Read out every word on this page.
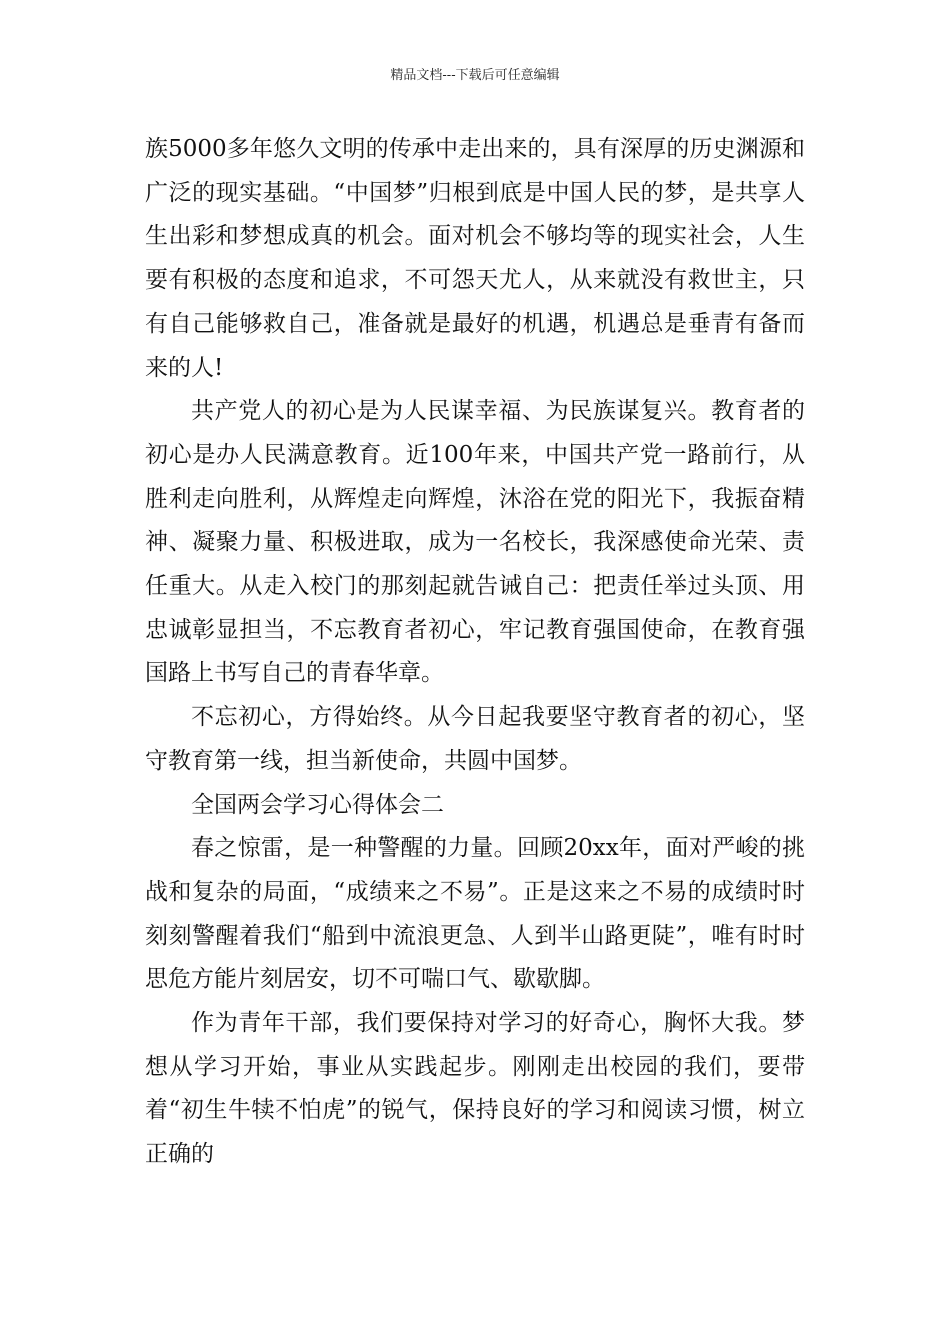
精品文档---下载后可任意编辑

族5000多年悠久文明的传承中走出来的，具有深厚的历史渊源和广泛的现实基础。“中国梦”归根到底是中国人民的梦，是共享人生出彩和梦想成真的机会。面对机会不够均等的现实社会，人生要有积极的态度和追求，不可怨天尤人，从来就没有救世主，只有自己能够救自己，准备就是最好的机遇，机遇总是垂青有备而来的人!

共产党人的初心是为人民谋幸福、为民族谋复兴。教育者的初心是办人民满意教育。近100年来，中国共产党一路前行，从胜利走向胜利，从辉煌走向辉煌，沐浴在党的阳光下，我振奋精神、凝聚力量、积极进取，成为一名校长，我深感使命光荣、责任重大。从走入校门的那刻起就告诫自己：把责任举过头顶、用忠诚彰显担当，不忘教育者初心，牢记教育强国使命，在教育强国路上书写自己的青春华章。

不忘初心，方得始终。从今日起我要坚守教育者的初心，坚守教育第一线，担当新使命，共圆中国梦。

全国两会学习心得体会二

春之惊雷，是一种警醒的力量。回顾20xx年，面对严峻的挑战和复杂的局面，“成绩来之不易”。正是这来之不易的成绩时时刻刻警醒着我们“船到中流浪更急、人到半山路更陡”，唯有时时思危方能片刻居安，切不可喘口气、歇歇脚。

作为青年干部，我们要保持对学习的好奇心，胸怀大我。梦想从学习开始，事业从实践起步。刚刚走出校园的我们，要带着“初生牛犊不怕虎”的锐气，保持良好的学习和阅读习惯，树立正确的
